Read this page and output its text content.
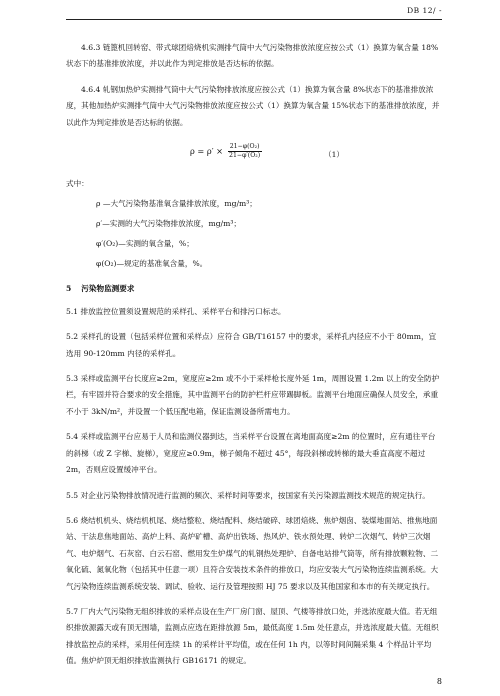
DB 12/ -

4.6.3 链篦机回转窑、带式球团焙烧机实测排气筒中大气污染物排放浓度应按公式（1）换算为氧含量 18%状态下的基准排放浓度，并以此作为判定排放是否达标的依据。

4.6.4 轧钢加热炉实测排气筒中大气污染物排放浓度应按公式（1）换算为氧含量 8%状态下的基准排放浓度，其他加热炉实测排气筒中大气污染物排放浓度应按公式（1）换算为氧含量 15%状态下的基准排放浓度，并以此作为判定排放是否达标的依据。

$\rho = \rho' \times \frac{\text{21−φ(O₂)}}{\text{21−φ′(O₂)}}$	（1）
式中：
ρ —大气污染物基准氧含量排放浓度，mg/m³；
ρ′—实测的大气污染物排放浓度，mg/m³；
φ′(O₂)—实测的氧含量，%；
φ(O₂)—规定的基准氧含量，%。
5 污染物监测要求

5.1 排放监控位置须设置规范的采样孔、采样平台和排污口标志。

5.2 采样孔的设置（包括采样位置和采样点）应符合 GB/T16157 中的要求，采样孔内径应不小于 80mm，宜选用 90-120mm 内径的采样孔。

5.3 采样或监测平台长度应≥2m，宽度应≥2m 或不小于采样枪长度外延 1m，周围设置 1.2m 以上的安全防护栏，有牢固并符合要求的安全措施，其中监测平台的防护栏杆应带踢脚板。监测平台地面应确保人员安全，承重不小于 3kN/m²，并设置一个低压配电箱，保证监测设备所需电力。

5.4 采样或监测平台应易于人员和监测仪器到达，当采样平台设置在离地面高度≥2m 的位置时，应有通往平台的斜梯（或 Z 字梯、旋梯），宽度应≥0.9m，梯子倾角不超过 45°，每段斜梯或转梯的最大垂直高度不超过 2m，否则应设置缓冲平台。

5.5 对企业污染物排放情况进行监测的频次、采样时间等要求，按国家有关污染源监测技术规范的规定执行。

5.6 烧结机机头、烧结机机尾、烧结整粒、烧结配料、烧结破碎、球团焙烧、焦炉烟囱、装煤地面站、推焦地面站、干法息焦地面站、高炉上料、高炉矿槽、高炉出铁场、热风炉、铁水预处理、转炉二次烟气、转炉三次烟气、电炉烟气、石灰窑、白云石窑、燃用发生炉煤气的轧钢热处理炉、自备电站排气筒等，所有排放颗粒物、二氧化硫、氮氧化物（包括其中任意一项）且符合安装技术条件的排放口，均应安装大气污染物连续监测系统。大气污染物连续监测系统安装、调试、验收、运行及管理按照 HJ 75 要求以及其他国家和本市的有关规定执行。

5.7 厂内大气污染物无组织排放的采样点设在生产厂房门窗、屋顶、气楼等排放口处，并选浓度最大值。若无组织排放源露天或有顶无围墙，监测点应选在距排放源 5m，最低高度 1.5m 处任意点，并选浓度最大值。无组织排放监控点的采样，采用任何连续 1h 的采样计平均值，或在任何 1h 内，以等时间间隔采集 4 个样品计平均值。焦炉炉顶无组织排放监测执行 GB16171 的规定。

8
